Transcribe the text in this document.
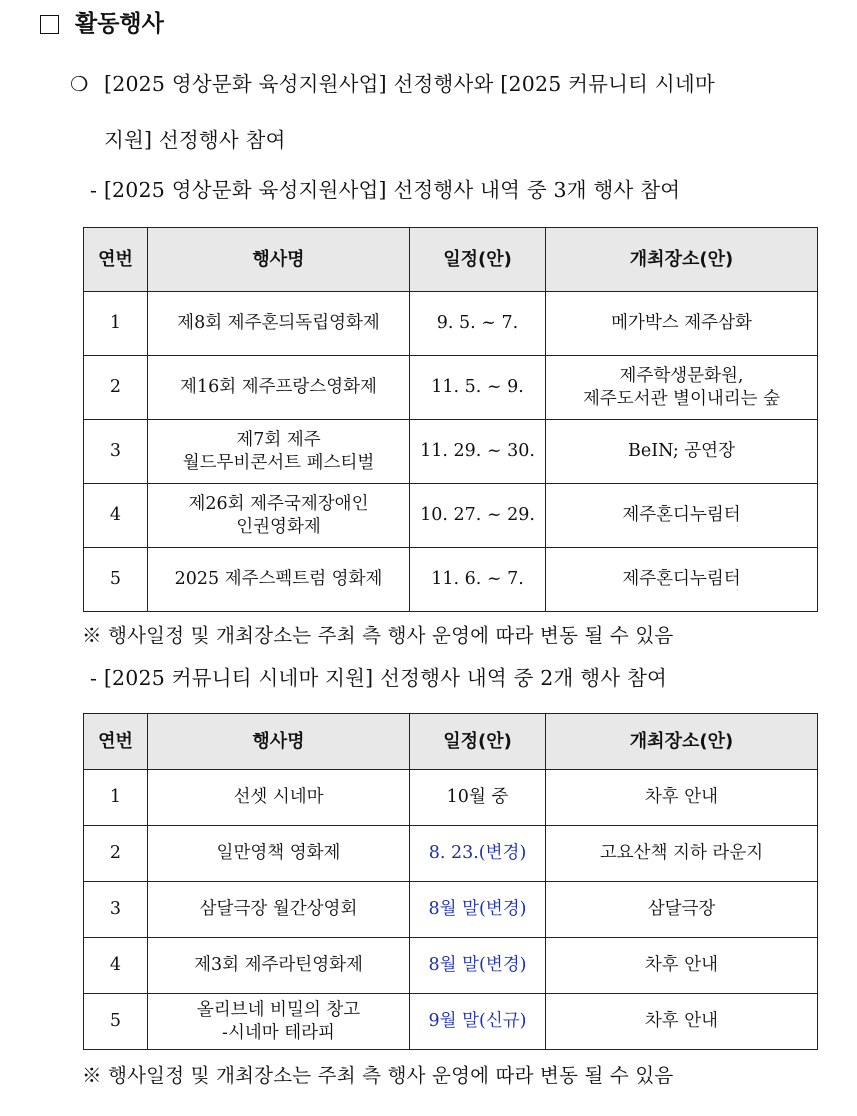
활동행사
❍ [2025 영상문화 육성지원사업] 선정행사와 [2025 커뮤니티 시네마
지원] 선정행사 참여
- [2025 영상문화 육성지원사업] 선정행사 내역 중 3개 행사 참여
연번	행사명	일정(안)	개최장소(안)
1	제8회 제주혼듸독립영화제	9. 5. ~ 7.	메가박스 제주삼화
2	제16회 제주프랑스영화제	11. 5. ~ 9.	제주학생문화원,
제주도서관 별이내리는 숲
3	제7회 제주
월드무비콘서트 페스티벌	11. 29. ~ 30.	BeIN; 공연장
4	제26회 제주국제장애인
인권영화제	10. 27. ~ 29.	제주혼디누림터
5	2025 제주스펙트럼 영화제	11. 6. ~ 7.	제주혼디누림터
※ 행사일정 및 개최장소는 주최 측 행사 운영에 따라 변동 될 수 있음
- [2025 커뮤니티 시네마 지원] 선정행사 내역 중 2개 행사 참여
연번	행사명	일정(안)	개최장소(안)
1	선셋 시네마	10월 중	차후 안내
2	일만영책 영화제	8. 23.(변경)	고요산책 지하 라운지
3	삼달극장 월간상영회	8월 말(변경)	삼달극장
4	제3회 제주라틴영화제	8월 말(변경)	차후 안내
5	올리브네 비밀의 창고
-시네마 테라피	9월 말(신규)	차후 안내
※ 행사일정 및 개최장소는 주최 측 행사 운영에 따라 변동 될 수 있음
